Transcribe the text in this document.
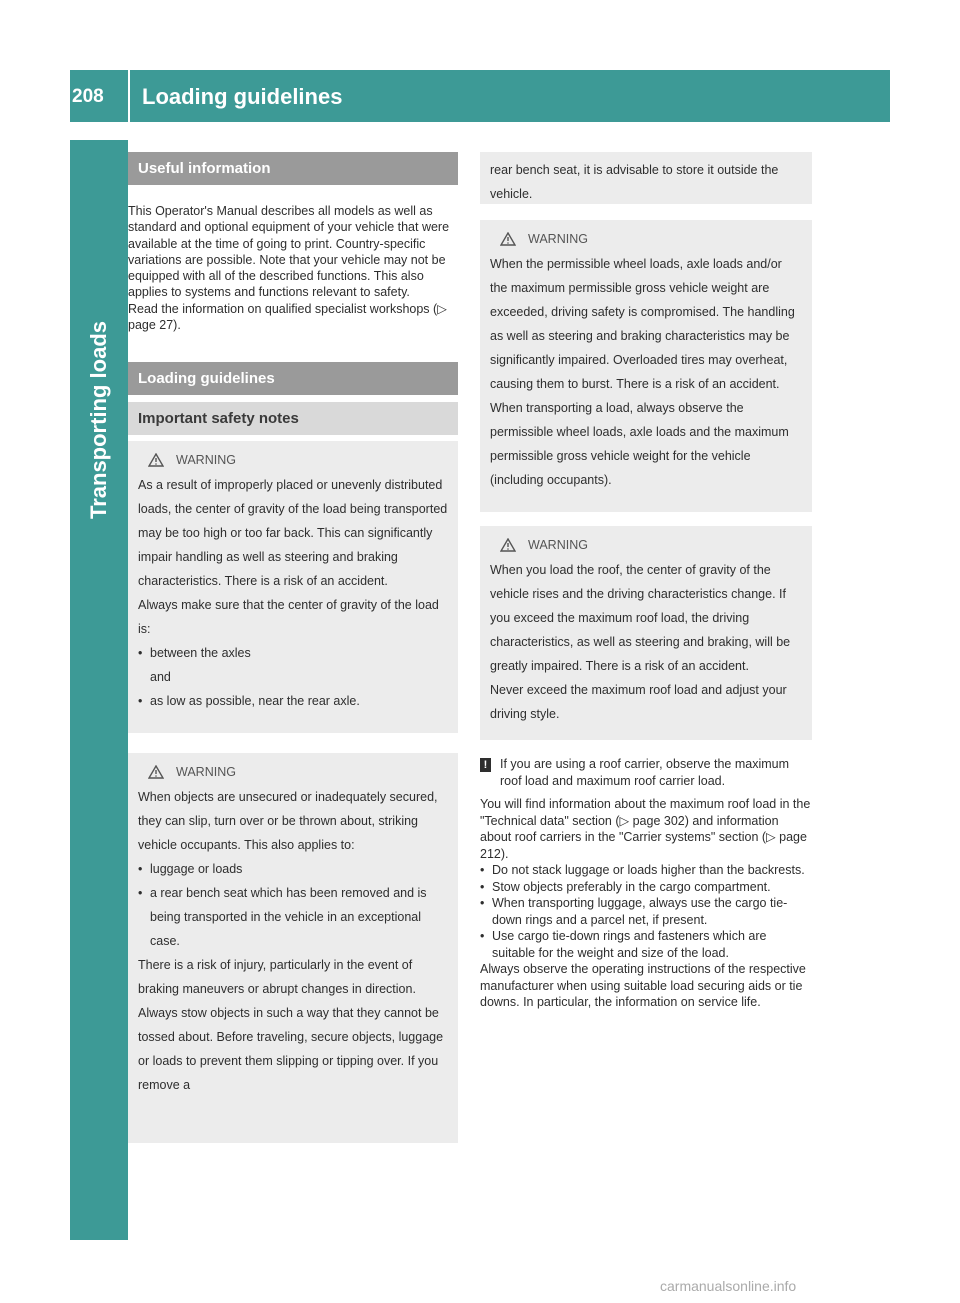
208 Loading guidelines
Transporting loads
Useful information

This Operator's Manual describes all models as well as standard and optional equipment of your vehicle that were available at the time of going to print. Country-specific variations are possible. Note that your vehicle may not be equipped with all of the described functions. This also applies to systems and functions relevant to safety.

Read the information on qualified specialist workshops (▷ page 27).

Loading guidelines
Important safety notes
WARNING

As a result of improperly placed or unevenly distributed loads, the center of gravity of the load being transported may be too high or too far back. This can significantly impair handling as well as steering and braking characteristics. There is a risk of an accident.

Always make sure that the center of gravity of the load is:

• between the axles
and
• as low as possible, near the rear axle.
WARNING

When objects are unsecured or inadequately secured, they can slip, turn over or be thrown about, striking vehicle occupants. This also applies to:

• luggage or loads
• a rear bench seat which has been removed and is being transported in the vehicle in an exceptional case.

There is a risk of injury, particularly in the event of braking maneuvers or abrupt changes in direction.

Always stow objects in such a way that they cannot be tossed about. Before traveling, secure objects, luggage or loads to prevent them slipping or tipping over. If you remove a

rear bench seat, it is advisable to store it outside the vehicle.
WARNING

When the permissible wheel loads, axle loads and/or the maximum permissible gross vehicle weight are exceeded, driving safety is compromised. The handling as well as steering and braking characteristics may be significantly impaired. Overloaded tires may overheat, causing them to burst. There is a risk of an accident.

When transporting a load, always observe the permissible wheel loads, axle loads and the maximum permissible gross vehicle weight for the vehicle (including occupants).

WARNING

When you load the roof, the center of gravity of the vehicle rises and the driving characteristics change. If you exceed the maximum roof load, the driving characteristics, as well as steering and braking, will be greatly impaired. There is a risk of an accident.

Never exceed the maximum roof load and adjust your driving style.

! If you are using a roof carrier, observe the maximum roof load and maximum roof carrier load.

You will find information about the maximum roof load in the "Technical data" section (▷ page 302) and information about roof carriers in the "Carrier systems" section (▷ page 212).

• Do not stack luggage or loads higher than the backrests.
• Stow objects preferably in the cargo compartment.
• When transporting luggage, always use the cargo tie-down rings and a parcel net, if present.
• Use cargo tie-down rings and fasteners which are suitable for the weight and size of the load.

Always observe the operating instructions of the respective manufacturer when using suitable load securing aids or tie downs. In particular, the information on service life.

carmanualsonline.info
